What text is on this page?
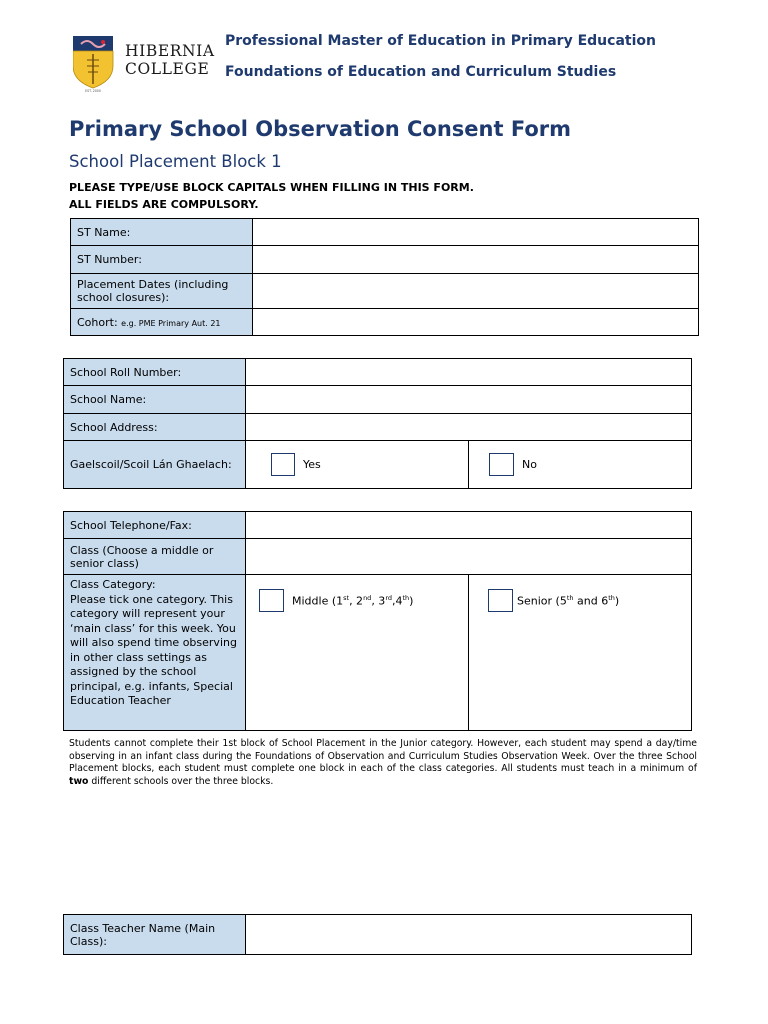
EST. 2000
HIBERNIA
COLLEGE
Professional Master of Education in Primary Education
Foundations of Education and Curriculum Studies
Primary School Observation Consent Form
School Placement Block 1
PLEASE TYPE/USE BLOCK CAPITALS WHEN FILLING IN THIS FORM.
ALL FIELDS ARE COMPULSORY.
ST Name:	
ST Number:	
Placement Dates (including school closures):	
Cohort: e.g. PME Primary Aut. 21	
School Roll Number:		
School Name:		
School Address:		
Gaelscoil/Scoil Lán Ghaelach:	Yes	No
School Telephone/Fax:		
Class (Choose a middle or senior class)		

Class Category:
Please tick one category. This category will represent your ‘main class’ for this week. You will also spend time observing in other class settings as assigned by the school principal, e.g. infants, Special Education Teacher	Middle (1st, 2nd, 3rd,4th)	Senior (5th and 6th)
Students cannot complete their 1st block of School Placement in the Junior category. However, each student may spend a day/time observing in an infant class during the Foundations of Observation and Curriculum Studies Observation Week. Over the three School Placement blocks, each student must complete one block in each of the class categories. All students must teach in a minimum of two different schools over the three blocks.
Class Teacher Name (Main Class):	
